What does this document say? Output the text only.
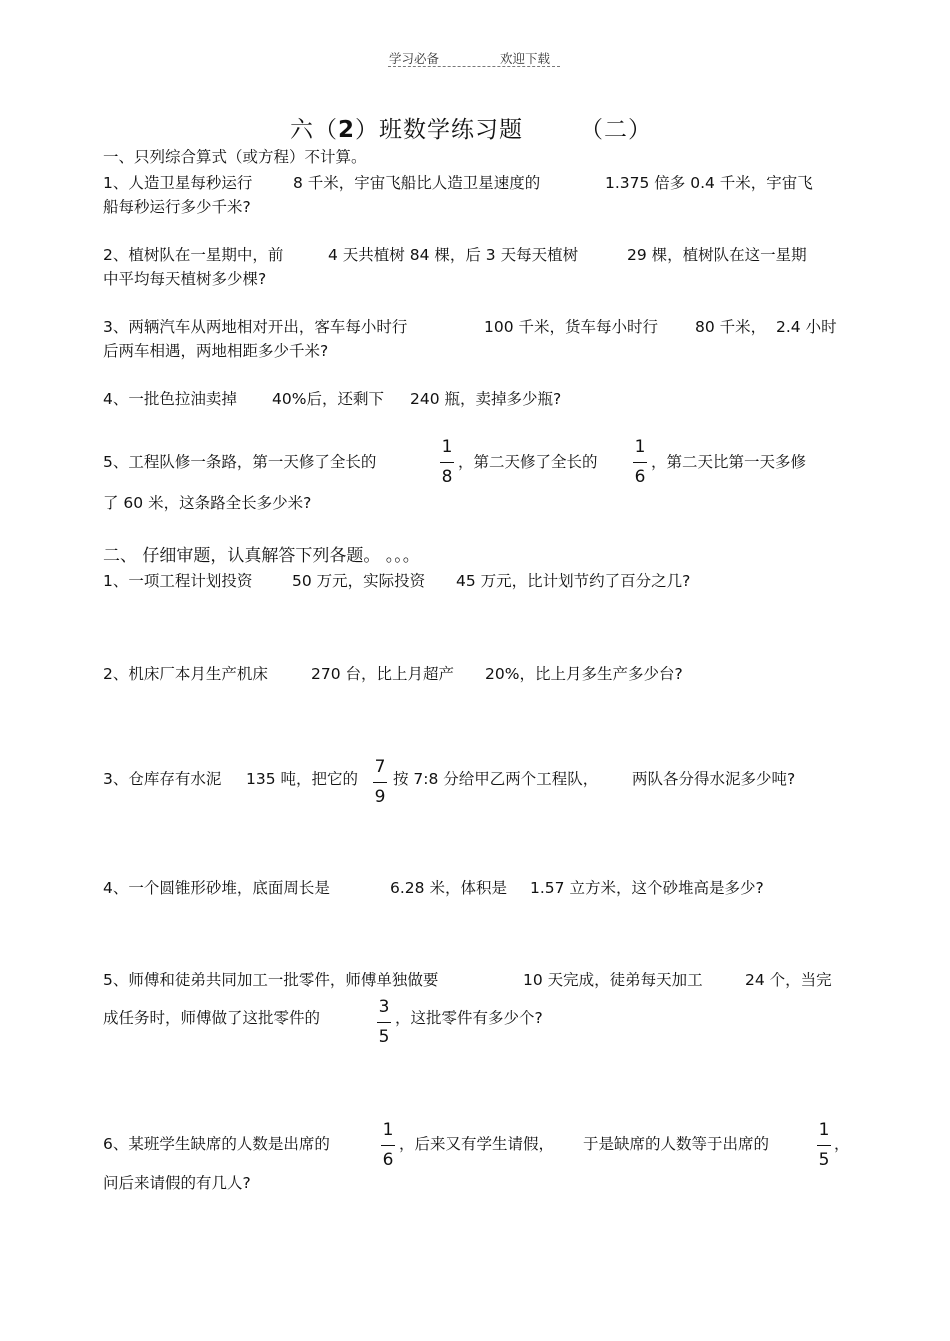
学习必备	欢迎下载
六（2）班数学练习题 （二）
一、只列综合算式（或方程）不计算。
1、人造卫星每秒运行	8 千米，宇宙飞船比人造卫星速度的	1.375 倍多 0.4 千米，宇宙飞
船每秒运行多少千米?
2、植树队在一星期中，前	4 天共植树 84 棵，后 3 天每天植树	29 棵，植树队在这一星期
中平均每天植树多少棵?
3、两辆汽车从两地相对开出，客车每小时行	100 千米，货车每小时行 80 千米， 2.4 小时
后两车相遇，两地相距多少千米?
4、一批色拉油卖掉 40%后，还剩下 240 瓶，卖掉多少瓶?
5、工程队修一条路，第一天修了全长的
1
8
，第二天修了全长的
1
6
，第二天比第一天多修
了 60 米，这条路全长多少米?
二、 仔细审题，认真解答下列各题。 。。。
1、一项工程计划投资	50 万元，实际投资 45 万元，比计划节约了百分之几?
2、机床厂本月生产机床	270 台，比上月超产 20%，比上月多生产多少台?
3、仓库存有水泥 135 吨，把它的
7
9
按 7:8 分给甲乙两个工程队， 两队各分得水泥多少吨?
4、一个圆锥形砂堆，底面周长是	6.28 米，体积是 1.57 立方米，这个砂堆高是多少?
5、师傅和徒弟共同加工一批零件，师傅单独做要	10 天完成，徒弟每天加工	24 个，当完
成任务时，师傅做了这批零件的
3
5
，这批零件有多少个?
6、某班学生缺席的人数是出席的
1
6
，后来又有学生请假， 于是缺席的人数等于出席的
1
5
，
问后来请假的有几人?
